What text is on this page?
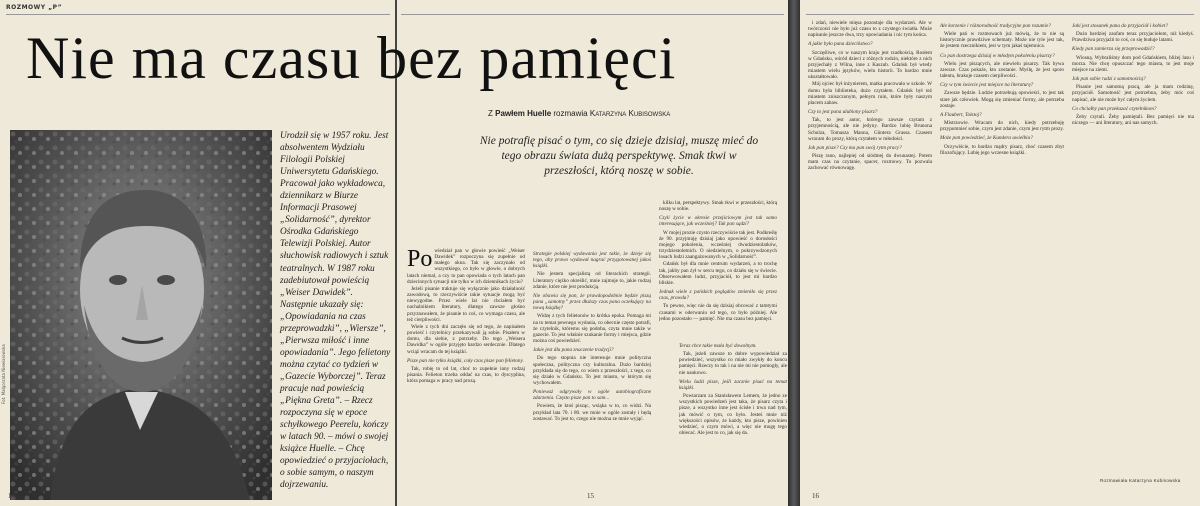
ROZMOWY „P”
Fot. Małgorzata Niewiarowska

Urodził się w 1957 roku. Jest absolwentem Wydziału Filologii Polskiej Uniwersytetu Gdańskiego. Pracował jako wykładowca, dziennikarz w Biurze Informacji Prasowej „Solidarność”, dyrektor Ośrodka Gdańskiego Telewizji Polskiej. Autor słuchowisk radiowych i sztuk teatralnych. W 1987 roku zadebiutował powieścią „Weiser Dawidek”.

Następnie ukazały się: „Opowiadania na czas przeprowadzki”, „Wiersze”, „Pierwsza miłość i inne opowiadania”. Jego felietony można czytać co tydzień w „Gazecie Wyborczej”. Teraz pracuje nad powieścią „Piękna Greta”. – Rzecz rozpoczyna się w epoce schyłkowego Peerelu, kończy w latach 90. – mówi o swojej książce Huelle. – Chcę opowiedzieć o przyjaciołach, o sobie samym, o naszym dojrzewaniu.

14

Teraz chce takie mała być dowolnym.

Tak, jeżeli zawsze to dobre wypowiedział za powiedzieć, wszystko co miało zwykły do koncu pamięci. Rzeczy to tak i na nie mi nie pomogły, ale nie naukowo.

Wielu ludzi pisze, jeśli zacznie pisać na temat książki.

Powtarzam za Stanisławem Lemem, że jedno ze wszystkich powiedzeń jest taka, że pisarz czyta i pisze, a wszystko inne jest ścisłe i trwa nad tym, jak mówić o tym, co było. Jesteś mnie niż większości opisów, że każdy, kto pisze, powinien wiedzieć, o czym mówi, a więc nie mogę tego obiecać. Ale jest to co, jak się da.

Po wiedział pan w głowie powieść „Weiser Dawidek” rozpoczyna się zupełnie od małego okna. Tak się zaczynało od wszystkiego, co było w głowie, o dobrych latach niemal, a czy to pan opowiada o tych latach pan dziecinnych sytuacji nie tylko w ich dziennikach życiu?

Jeżeli pisanie traktuje się wyłącznie jako działalność zawodową, to rzeczywiście takie sytuacje mogą być niewygodne. Przez wiele lat nie chciałem być nachalnikiem literatury, dlatego zawsze głośno przyznawałem, że pisanie to coś, co wymaga czasu, ale też cierpliwości.

Wiele z tych dni zaczęło się od tego, że napisałem powieść i czytelnicy przekazywali ją sobie. Pisałem w domu, dla siebie, z potrzeby. Do tego „Weisera Dawidka” w ogóle przyjęto bardzo serdecznie. Dlatego wciąż wracam do tej książki.

Pisze pan nie tylko książki, cały czas pisze pan felietony.

Tak, robię to od lat, choć to zupełnie inny rodzaj pisania. Felieton trzeba oddać na czas, to dyscyplina, która pomaga w pracy nad prozą.

Strategie polskiej wydawania jest takie, że dzieje się tego, aby prawo wydawał nagrać przygotowanej jakoś książki.

Nie jestem specjalistą od literackich strategii. Literatury ciężko określić, mnie zajmuje to, jakie rodzaj zdanie, które nie jest produkcją.

Nie obawia się pan, że prawdopodobnie będzie piszą pana „samotny” przez dłuższy czas pana oczekujący na nową książkę?

Widzę z tych felietonów to krótka epoka. Pomaga mi na to temat pewnego wydania, co obecnie często potrafi, że czytelnik, któremu się podoba, czyta mnie także w gazecie. To jest właśnie szukanie formy i miejsca, gdzie można coś powiedzieć.

Jakie jest dla pana znaczenie tradycji?

Do tego stopnia nie interesuje mnie polityczna społeczna, polityczna czy kulturalna. Dużo bardziej przykłada się do tego, co wiem z przeszłości, z tego, co się działo w Gdańsku. To jest miasto, w którym się wychowałem.

Ponieważ odgrywały w ogóle autobiograficzne zdarzenia. Często pisze pan to sam...

Powiem, że ktoś pisząc, wsiąka w to, co widzi. Na przykład lata 70. i 80. we mnie w ogóle zostały i będą zostawać. To jest to, czego nie można ze mnie wyjąć.

kilku lat, perspektywy. Smak tkwi w przeszłości, którą noszę w sobie.

Czyli życie w okresie przejściowym jest tak samo interesujące, jak wcześniej? Tak pan sądzi?

W mojej prozie czysto rzeczywiście tak jest. Podkreślę że 90. przyjmuję dzisiaj jako opowieść o dorosłości mojego pokolenia, wcześniej dwudziestolatków, trzydziestoletnich. O niedzielnym, o pokrzywdzonych losach ludzi zaangażowanych w „Solidarność”.

Gdańsk był dla mnie centrum wydarzeń, a to trochę tak, jakby pan żył w sercu tego, co działo się w świecie. Obserwowałem ludzi, przyjaciół, to jest mi bardzo bliskie.

Jednak wiele z pańskich poglądów zmieniło się przez czas, prawda?

To pewne, więc nie da się dzisiaj obcować z tamtymi czasami w oderwaniu od tego, co było później. Ale jedno pozostało — pamięć. Nie ma czasu bez pamięci.

15

i zdań, niewiele mięsa pozostaje dla wydarzeń. Ale w twórczości nie było już czasu to z czystego światła. Może napisanie jeszcze dwa, trzy opowiadania i nic tym końca.

A jakie było pana dzieciństwo?

Szczęśliwe, co w naszym kraju jest rzadkością. Rosłem w Gdańsku, wśród dzieci z różnych rodzin, niektóre z nich przyjechały z Wilna, inne z Kaszub. Gdańsk był wtedy miastem wielu języków, wielu historii. To bardzo mnie ukształtowało.

Mój ojciec był inżynierem, matka pracowała w szkole. W domu była biblioteka, dużo czytałem. Gdańsk był też miastem zniszczonym, pełnym ruin, które były naszym placem zabaw.

Czy to jest pana ulubiony pisarz?

Tak, to jest autor, którego zawsze czytam z przyjemnością, ale nie jedyny. Bardzo lubię Brunona Schulza, Tomasza Manna, Güntera Grassa. Czasem wracam do prozy, którą czytałem w młodości.

Jak pan pisze? Czy ma pan swój rytm pracy?

Piszę rano, najlepiej od siódmej do dwunastej. Potem mam czas na czytanie, spacer, rozmowy. To pozwala zachować równowagę.

Ale korzenie i różnorodność tradycyjne pan rozumie?

Wiele pań w rozmowach już mówią, że to nie są historycznie prawdziwe schematy. Może nie tyle jest tak, że jestem rzecznikiem, jest w tym jakaś tajemnica.

Co pan dostrzega dzisiaj w młodym pokoleniu pisarzy?

Wielu jest piszących, ale niewielu pisarzy. Tak bywa zawsze. Czas pokaże, kto zostanie. Myślę, że jest sporo talentu, brakuje czasem cierpliwości.

Czy w tym świecie jest miejsce na literaturę?

Zawsze będzie. Ludzie potrzebują opowieści, to jest tak stare jak człowiek. Mogą się zmieniać formy, ale potrzeba zostaje.

A Flaubert, Tołstoj?

Mistrzowie. Wracam do nich, kiedy potrzebuję przypomnieć sobie, czym jest zdanie, czym jest rytm prozy.

Może pan powiedzieć, że Kundera uwielbia?

Oczywiście, to bardzo mądry pisarz, choć czasem zbyt filozofujący. Lubię jego wczesne książki.

Jaki jest stosunek pana do przyjaciół i kobiet?

Dużo bardziej zaufam teraz przyjaciołom, niż kiedyś. Prawdziwa przyjaźń to coś, co się buduje latami.

Kiedy pan zamierza się przeprowadzić?

Wiosną. Wybraliśmy dom pod Gdańskiem, bliżej lasu i morza. Nie chcę opuszczać tego miasta, to jest moje miejsce na ziemi.

Jak pan sobie radzi z samotnością?

Pisanie jest samotną pracą, ale ja mam rodzinę, przyjaciół. Samotność jest potrzebna, żeby móc coś napisać, ale nie może być całym życiem.

Co chciałby pan przekazać czytelnikom?

Żeby czytali. Żeby pamiętali. Bez pamięci nie ma niczego — ani literatury, ani nas samych.

Rozmawiała Katarzyna Kubisowska
16
Nie ma czasu bez pamięci
Z Pawłem Huelle rozmawia Katarzyna Kubisowska
Nie potrafię pisać o tym, co się dzieje dzisiaj, muszę mieć do tego obrazu świata dużą perspektywę. Smak tkwi w przeszłości, którą noszę w sobie.
